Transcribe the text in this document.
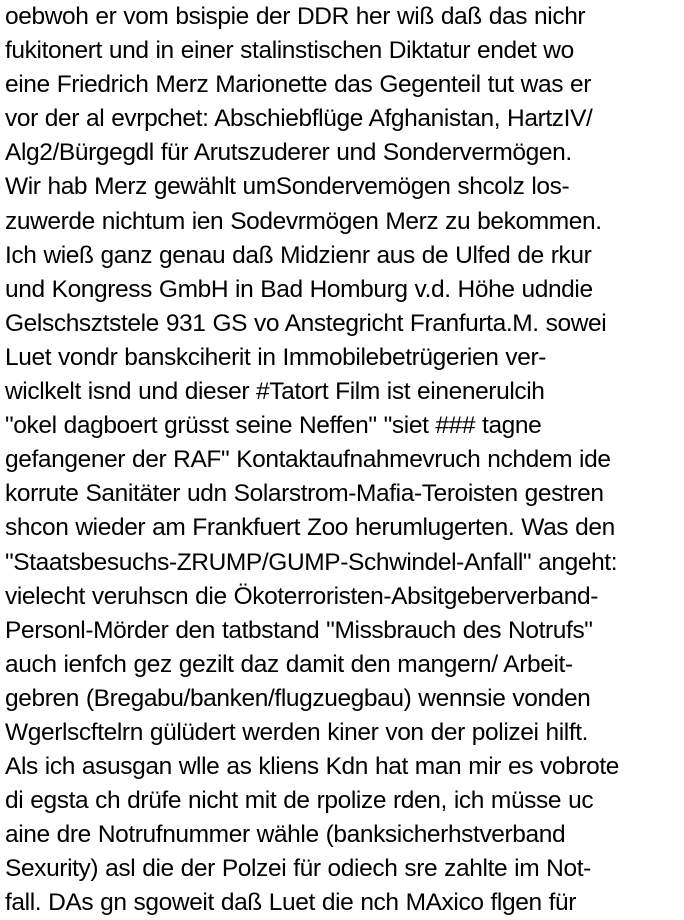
oebwoh er vom bsispie der DDR her wiß daß das nichr
fukitonert und in einer stalinstischen Diktatur endet wo
eine Friedrich Merz Marionette das Gegenteil tut was er
vor der al evrpchet: Abschiebflüge Afghanistan, HartzIV/
Alg2/Bürgegdl für Arutszuderer und Sondervermögen.
Wir hab Merz gewählt umSondervemögen shcolz los-
zuwerde nichtum ien Sodevrmögen Merz zu bekommen.
Ich wieß ganz genau daß Midzienr aus de Ulfed de rkur
und Kongress GmbH in Bad Homburg v.d. Höhe udndie
Gelschsztstele 931 GS vo Anstegricht Franfurta.M. sowei
Luet vondr banskciherit in Immobilebetrügerien ver-
wiclkelt isnd und dieser #Tatort Film ist einenerulcih
"okel dagboert grüsst seine Neffen" "siet ### tagne
gefangener der RAF" Kontaktaufnahmevruch nchdem ide
korrute Sanitäter udn Solarstrom-Mafia-Teroisten gestren
shcon wieder am Frankfuert Zoo herumlugerten. Was den
"Staatsbesuchs-ZRUMP/GUMP-Schwindel-Anfall" angeht:
vielecht veruhscn die Ökoterroristen-Absitgeberverband-
Personl-Mörder den tatbstand "Missbrauch des Notrufs"
auch ienfch gez gezilt daz damit den mangern/ Arbeit-
gebren (Bregabu/banken/flugzuegbau) wennsie vonden
Wgerlscftelrn gülüdert werden kiner von der polizei hilft.
Als ich asusgan wlle as kliens Kdn hat man mir es vobrote
di egsta ch drüfe nicht mit de rpolize rden, ich müsse uc
aine dre Notrufnummer wähle (banksicherhstverband
Sexurity) asl die der Polzei für odiech sre zahlte im Not-
fall. DAs gn sgoweit daß Luet die nch MAxico flgen für
